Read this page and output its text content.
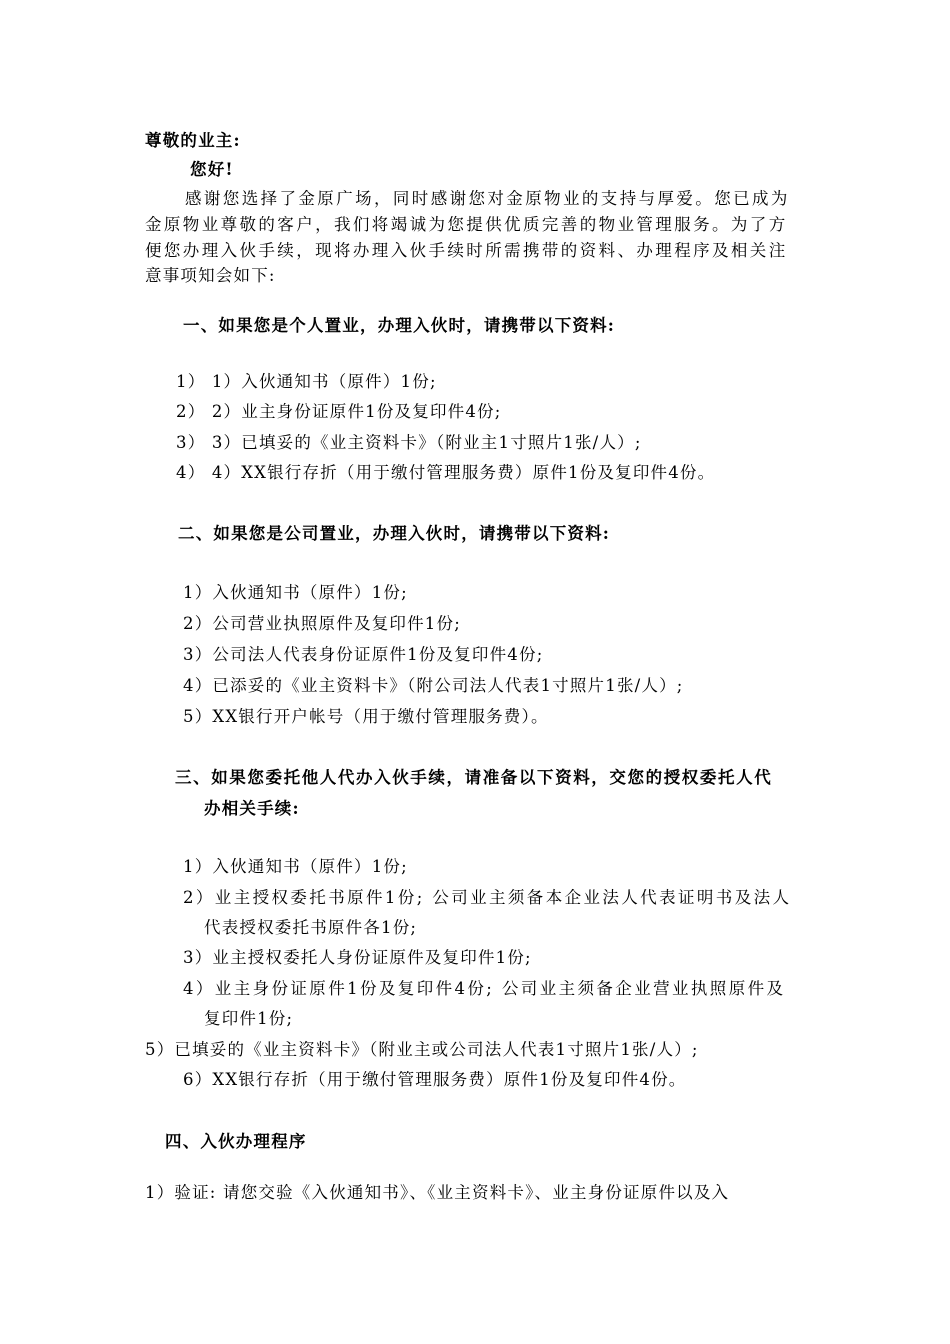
尊敬的业主:
您好!
感谢您选择了金原广场，同时感谢您对金原物业的支持与厚爱。您已成为
金原物业尊敬的客户，我们将竭诚为您提供优质完善的物业管理服务。为了方
便您办理入伙手续，现将办理入伙手续时所需携带的资料、办理程序及相关注
意事项知会如下:
一、如果您是个人置业，办理入伙时，请携带以下资料:
1） 1）入伙通知书（原件）1份;
2） 2）业主身份证原件1份及复印件4份;
3） 3）已填妥的《业主资料卡》（附业主1寸照片1张/人）;
4） 4）XX银行存折（用于缴付管理服务费）原件1份及复印件4份。
二、如果您是公司置业，办理入伙时，请携带以下资料:
1）入伙通知书（原件）1份;
2）公司营业执照原件及复印件1份;
3）公司法人代表身份证原件1份及复印件4份;
4）已添妥的《业主资料卡》（附公司法人代表1寸照片1张/人）;
5）XX银行开户帐号（用于缴付管理服务费）。
三、如果您委托他人代办入伙手续，请准备以下资料，交您的授权委托人代
办相关手续:
1）入伙通知书（原件）1份;
2）业主授权委托书原件1份; 公司业主须备本企业法人代表证明书及法人
代表授权委托书原件各1份;
3）业主授权委托人身份证原件及复印件1份;
4）业主身份证原件1份及复印件4份; 公司业主须备企业营业执照原件及
复印件1份;
5）已填妥的《业主资料卡》（附业主或公司法人代表1寸照片1张/人）;
6）XX银行存折（用于缴付管理服务费）原件1份及复印件4份。
四、入伙办理程序
1）验证: 请您交验《入伙通知书》、《业主资料卡》、业主身份证原件以及入
